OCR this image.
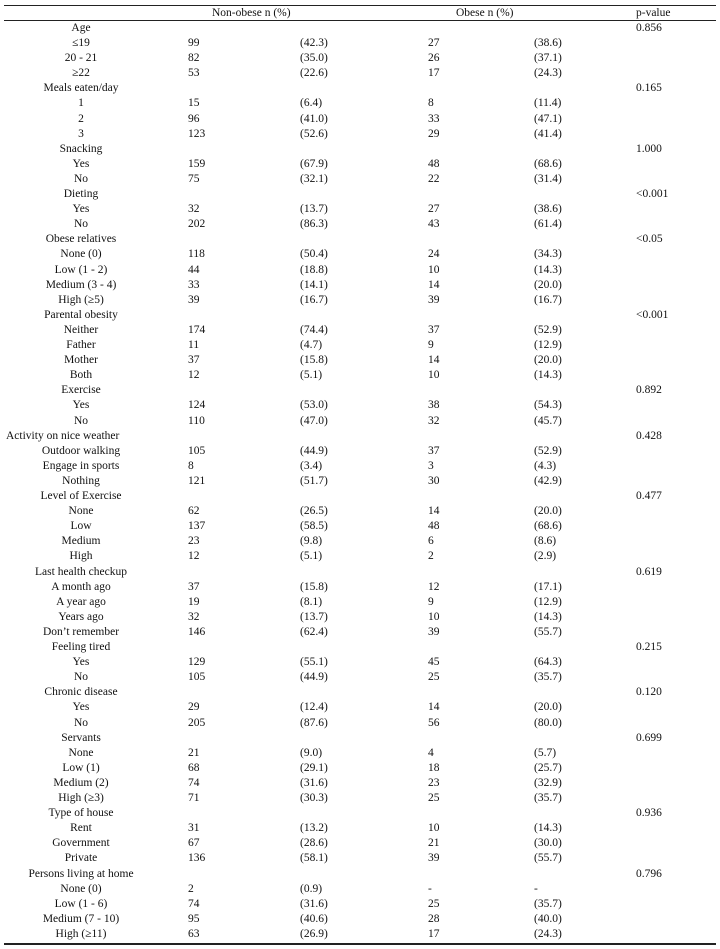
Non-obese n (%)	Obese n (%)	p-value
Age	0.856
≤19	99	(42.3)	27	(38.6)
20 - 21	82	(35.0)	26	(37.1)
≥22	53	(22.6)	17	(24.3)
Meals eaten/day	0.165
1	15	(6.4)	8	(11.4)
2	96	(41.0)	33	(47.1)
3	123	(52.6)	29	(41.4)
Snacking	1.000
Yes	159	(67.9)	48	(68.6)
No	75	(32.1)	22	(31.4)
Dieting	<0.001
Yes	32	(13.7)	27	(38.6)
No	202	(86.3)	43	(61.4)
Obese relatives	<0.05
None (0)	118	(50.4)	24	(34.3)
Low (1 - 2)	44	(18.8)	10	(14.3)
Medium (3 - 4)	33	(14.1)	14	(20.0)
High (≥5)	39	(16.7)	39	(16.7)
Parental obesity	<0.001
Neither	174	(74.4)	37	(52.9)
Father	11	(4.7)	9	(12.9)
Mother	37	(15.8)	14	(20.0)
Both	12	(5.1)	10	(14.3)
Exercise	0.892
Yes	124	(53.0)	38	(54.3)
No	110	(47.0)	32	(45.7)
Activity on nice weather	0.428
Outdoor walking	105	(44.9)	37	(52.9)
Engage in sports	8	(3.4)	3	(4.3)
Nothing	121	(51.7)	30	(42.9)
Level of Exercise	0.477
None	62	(26.5)	14	(20.0)
Low	137	(58.5)	48	(68.6)
Medium	23	(9.8)	6	(8.6)
High	12	(5.1)	2	(2.9)
Last health checkup	0.619
A month ago	37	(15.8)	12	(17.1)
A year ago	19	(8.1)	9	(12.9)
Years ago	32	(13.7)	10	(14.3)
Don’t remember	146	(62.4)	39	(55.7)
Feeling tired	0.215
Yes	129	(55.1)	45	(64.3)
No	105	(44.9)	25	(35.7)
Chronic disease	0.120
Yes	29	(12.4)	14	(20.0)
No	205	(87.6)	56	(80.0)
Servants	0.699
None	21	(9.0)	4	(5.7)
Low (1)	68	(29.1)	18	(25.7)
Medium (2)	74	(31.6)	23	(32.9)
High (≥3)	71	(30.3)	25	(35.7)
Type of house	0.936
Rent	31	(13.2)	10	(14.3)
Government	67	(28.6)	21	(30.0)
Private	136	(58.1)	39	(55.7)
Persons living at home	0.796
None (0)	2	(0.9)	-	-
Low (1 - 6)	74	(31.6)	25	(35.7)
Medium (7 - 10)	95	(40.6)	28	(40.0)
High (≥11)	63	(26.9)	17	(24.3)
